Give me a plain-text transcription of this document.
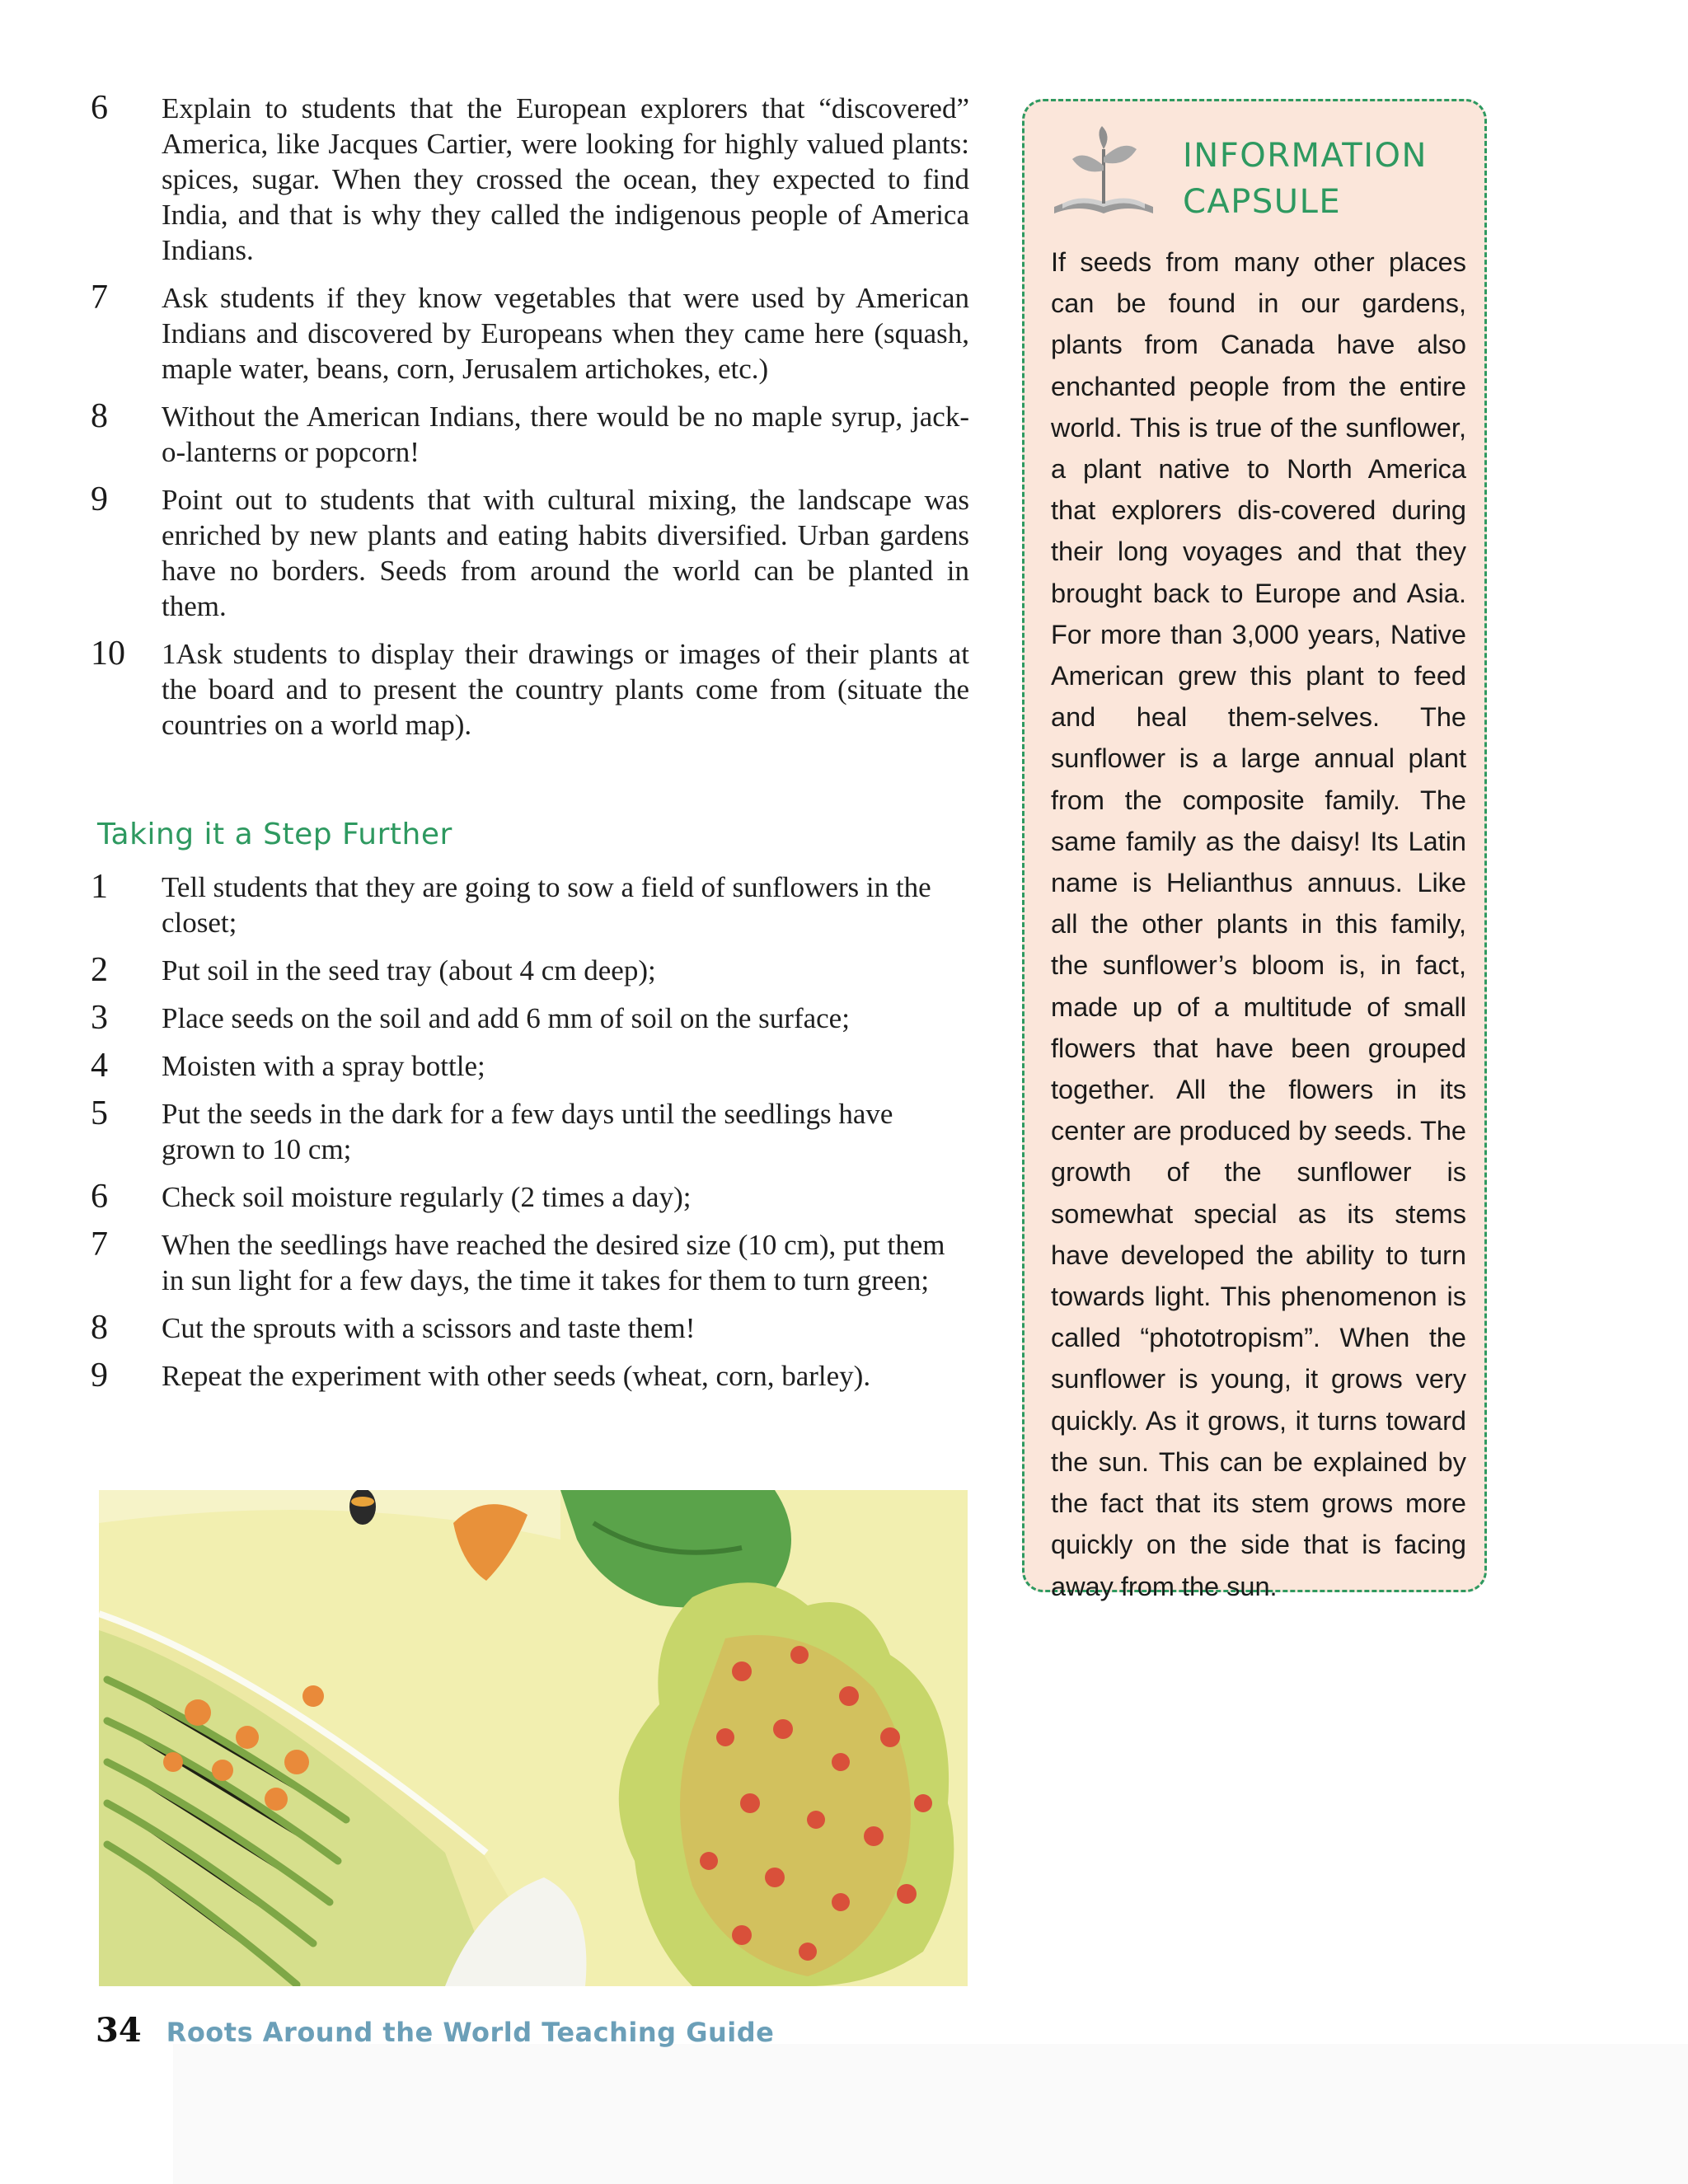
6 Explain to students that the European explorers that “discovered” America, like Jacques Cartier, were looking for highly valued plants: spices, sugar. When they crossed the ocean, they expected to find India, and that is why they called the indigenous people of America Indians.
7 Ask students if they know vegetables that were used by American Indians and discovered by Europeans when they came here (squash, maple water, beans, corn, Jerusalem artichokes, etc.)
8 Without the American Indians, there would be no maple syrup, jack-o-lanterns or popcorn!
9 Point out to students that with cultural mixing, the landscape was enriched by new plants and eating habits diversified. Urban gardens have no borders. Seeds from around the world can be planted in them.
10 1Ask students to display their drawings or images of their plants at the board and to present the country plants come from (situate the countries on a world map).
Taking it a Step Further
1 Tell students that they are going to sow a field of sunflowers in the closet;
2 Put soil in the seed tray (about 4 cm deep);
3 Place seeds on the soil and add 6 mm of soil on the surface;
4 Moisten with a spray bottle;
5 Put the seeds in the dark for a few days until the seedlings have grown to 10 cm;
6 Check soil moisture regularly (2 times a day);
7 When the seedlings have reached the desired size (10 cm), put them in sun light for a few days, the time it takes for them to turn green;
8 Cut the sprouts with a scissors and taste them!
9 Repeat the experiment with other seeds (wheat, corn, barley).
INFORMATION
CAPSULE

If seeds from many other places can be found in our gardens, plants from Canada have also enchanted people from the entire world. This is true of the sunflower, a plant native to North America that explorers dis-covered during their long voyages and that they brought back to Europe and Asia. For more than 3,000 years, Native American grew this plant to feed and heal them-selves. The sunflower is a large annual plant from the composite family. The same family as the daisy! Its Latin name is Helianthus annuus. Like all the other plants in this family, the sunflower’s bloom is, in fact, made up of a multitude of small flowers that have been grouped together. All the flowers in its center are produced by seeds. The growth of the sunflower is somewhat special as its stems have developed the ability to turn towards light. This phenomenon is called “phototropism”. When the sunflower is young, it grows very quickly. As it grows, it turns toward the sun. This can be explained by the fact that its stem grows more quickly on the side that is facing away from the sun.

34 Roots Around the World Teaching Guide
